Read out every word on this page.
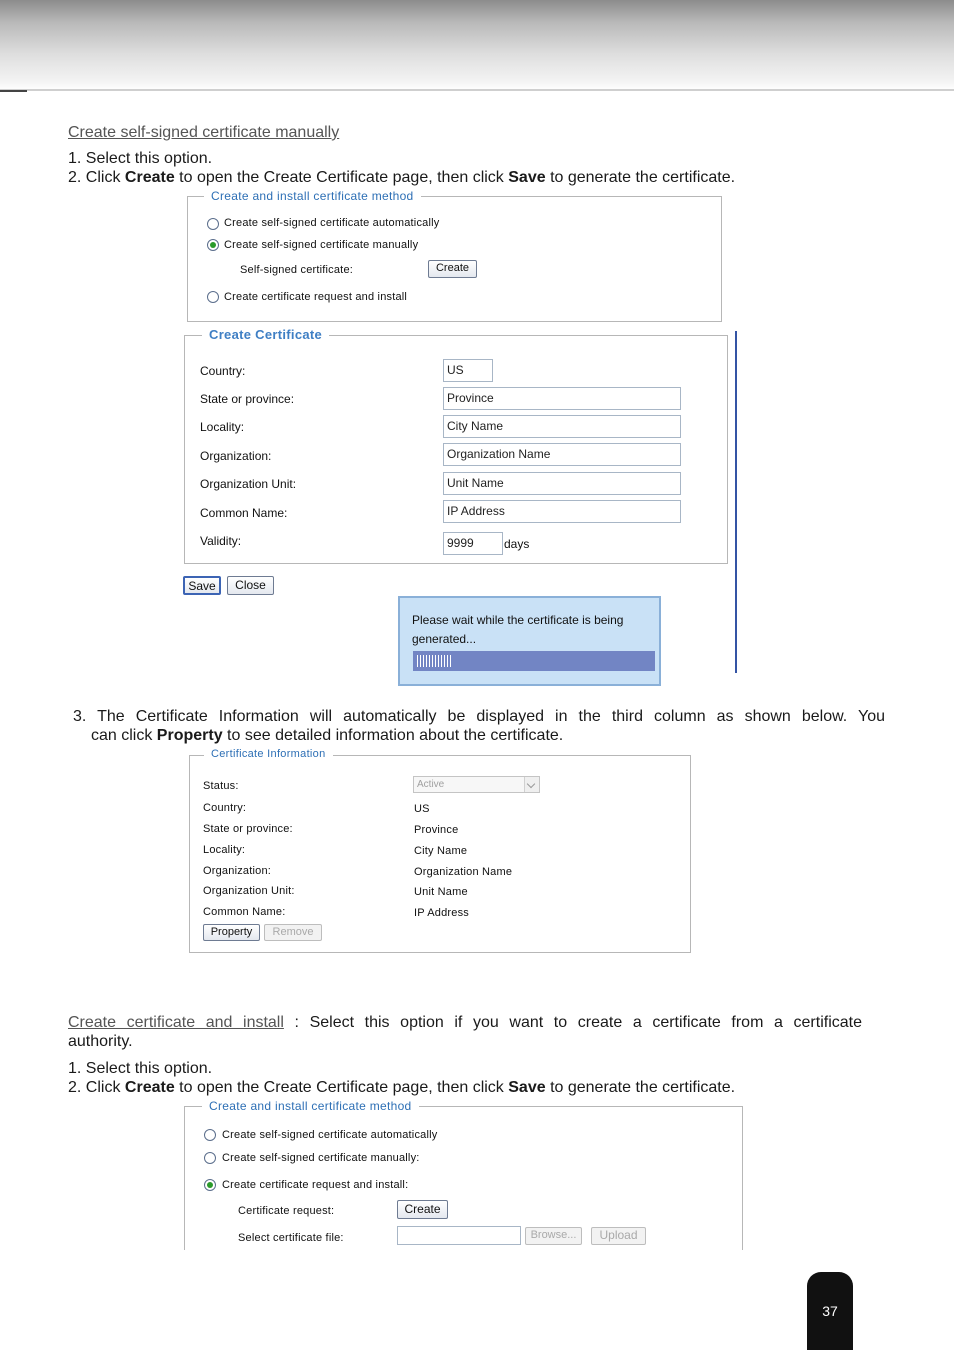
Create self-signed certificate manually
1. Select this option.
2. Click Create to open the Create Certificate page, then click Save to generate the certificate.
Create and install certificate method
Create self-signed certificate automatically
Create self-signed certificate manually
Self-signed certificate:	Create
Create certificate request and install
Create Certificate
Country:	US
State or province:	Province
Locality:	City Name
Organization:	Organization Name
Organization Unit:	Unit Name
Common Name:	IP Address
Validity:	9999	days
Save	Close
Please wait while the certificate is being
generated...
3. The Certificate Information will automatically be displayed in the third column as shown below. You
can click Property to see detailed information about the certificate.
Certificate Information
Status:	Active
Country:	US
State or province:	Province
Locality:	City Name
Organization:	Organization Name
Organization Unit:	Unit Name
Common Name:	IP Address
Property	Remove
Create certificate and install : Select this option if you want to create a certificate from a certificate
authority.
1. Select this option.
2. Click Create to open the Create Certificate page, then click Save to generate the certificate.
Create and install certificate method
Create self-signed certificate automatically
Create self-signed certificate manually:
Create certificate request and install:
Certificate request:	Create
Select certificate file:	Browse...	Upload
37
